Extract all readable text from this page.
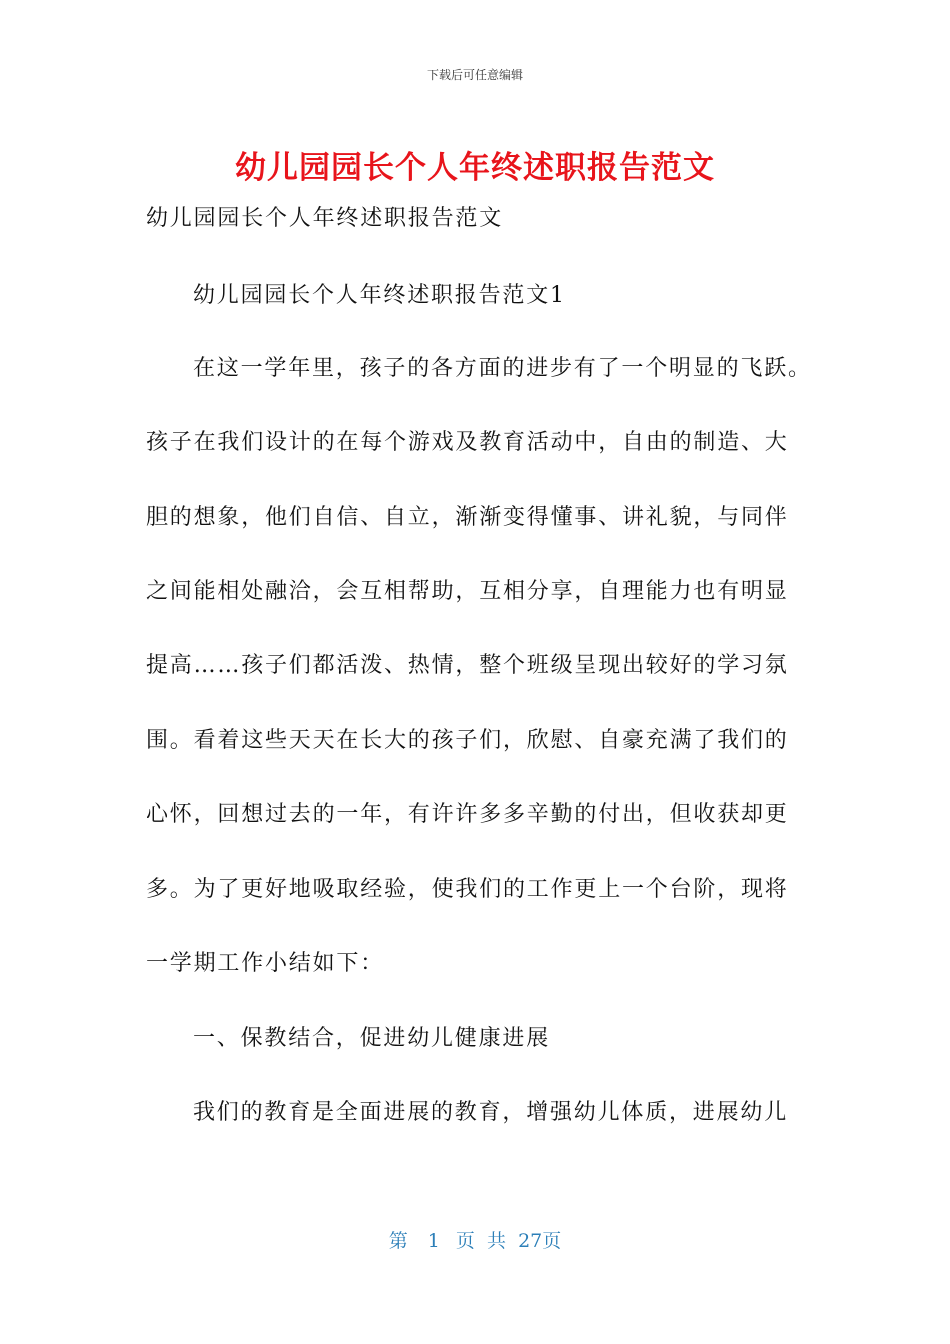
下载后可任意编辑
幼儿园园长个人年终述职报告范文
幼儿园园长个人年终述职报告范文
幼儿园园长个人年终述职报告范文1
在这一学年里，孩子的各方面的进步有了一个明显的飞跃。
孩子在我们设计的在每个游戏及教育活动中，自由的制造、大
胆的想象，他们自信、自立，渐渐变得懂事、讲礼貌，与同伴
之间能相处融洽，会互相帮助，互相分享，自理能力也有明显
提高……孩子们都活泼、热情，整个班级呈现出较好的学习氛
围。看着这些天天在长大的孩子们，欣慰、自豪充满了我们的
心怀，回想过去的一年，有许许多多辛勤的付出，但收获却更
多。为了更好地吸取经验，使我们的工作更上一个台阶，现将
一学期工作小结如下：
一、保教结合，促进幼儿健康进展
我们的教育是全面进展的教育，增强幼儿体质，进展幼儿
第 1 页  共 27页
